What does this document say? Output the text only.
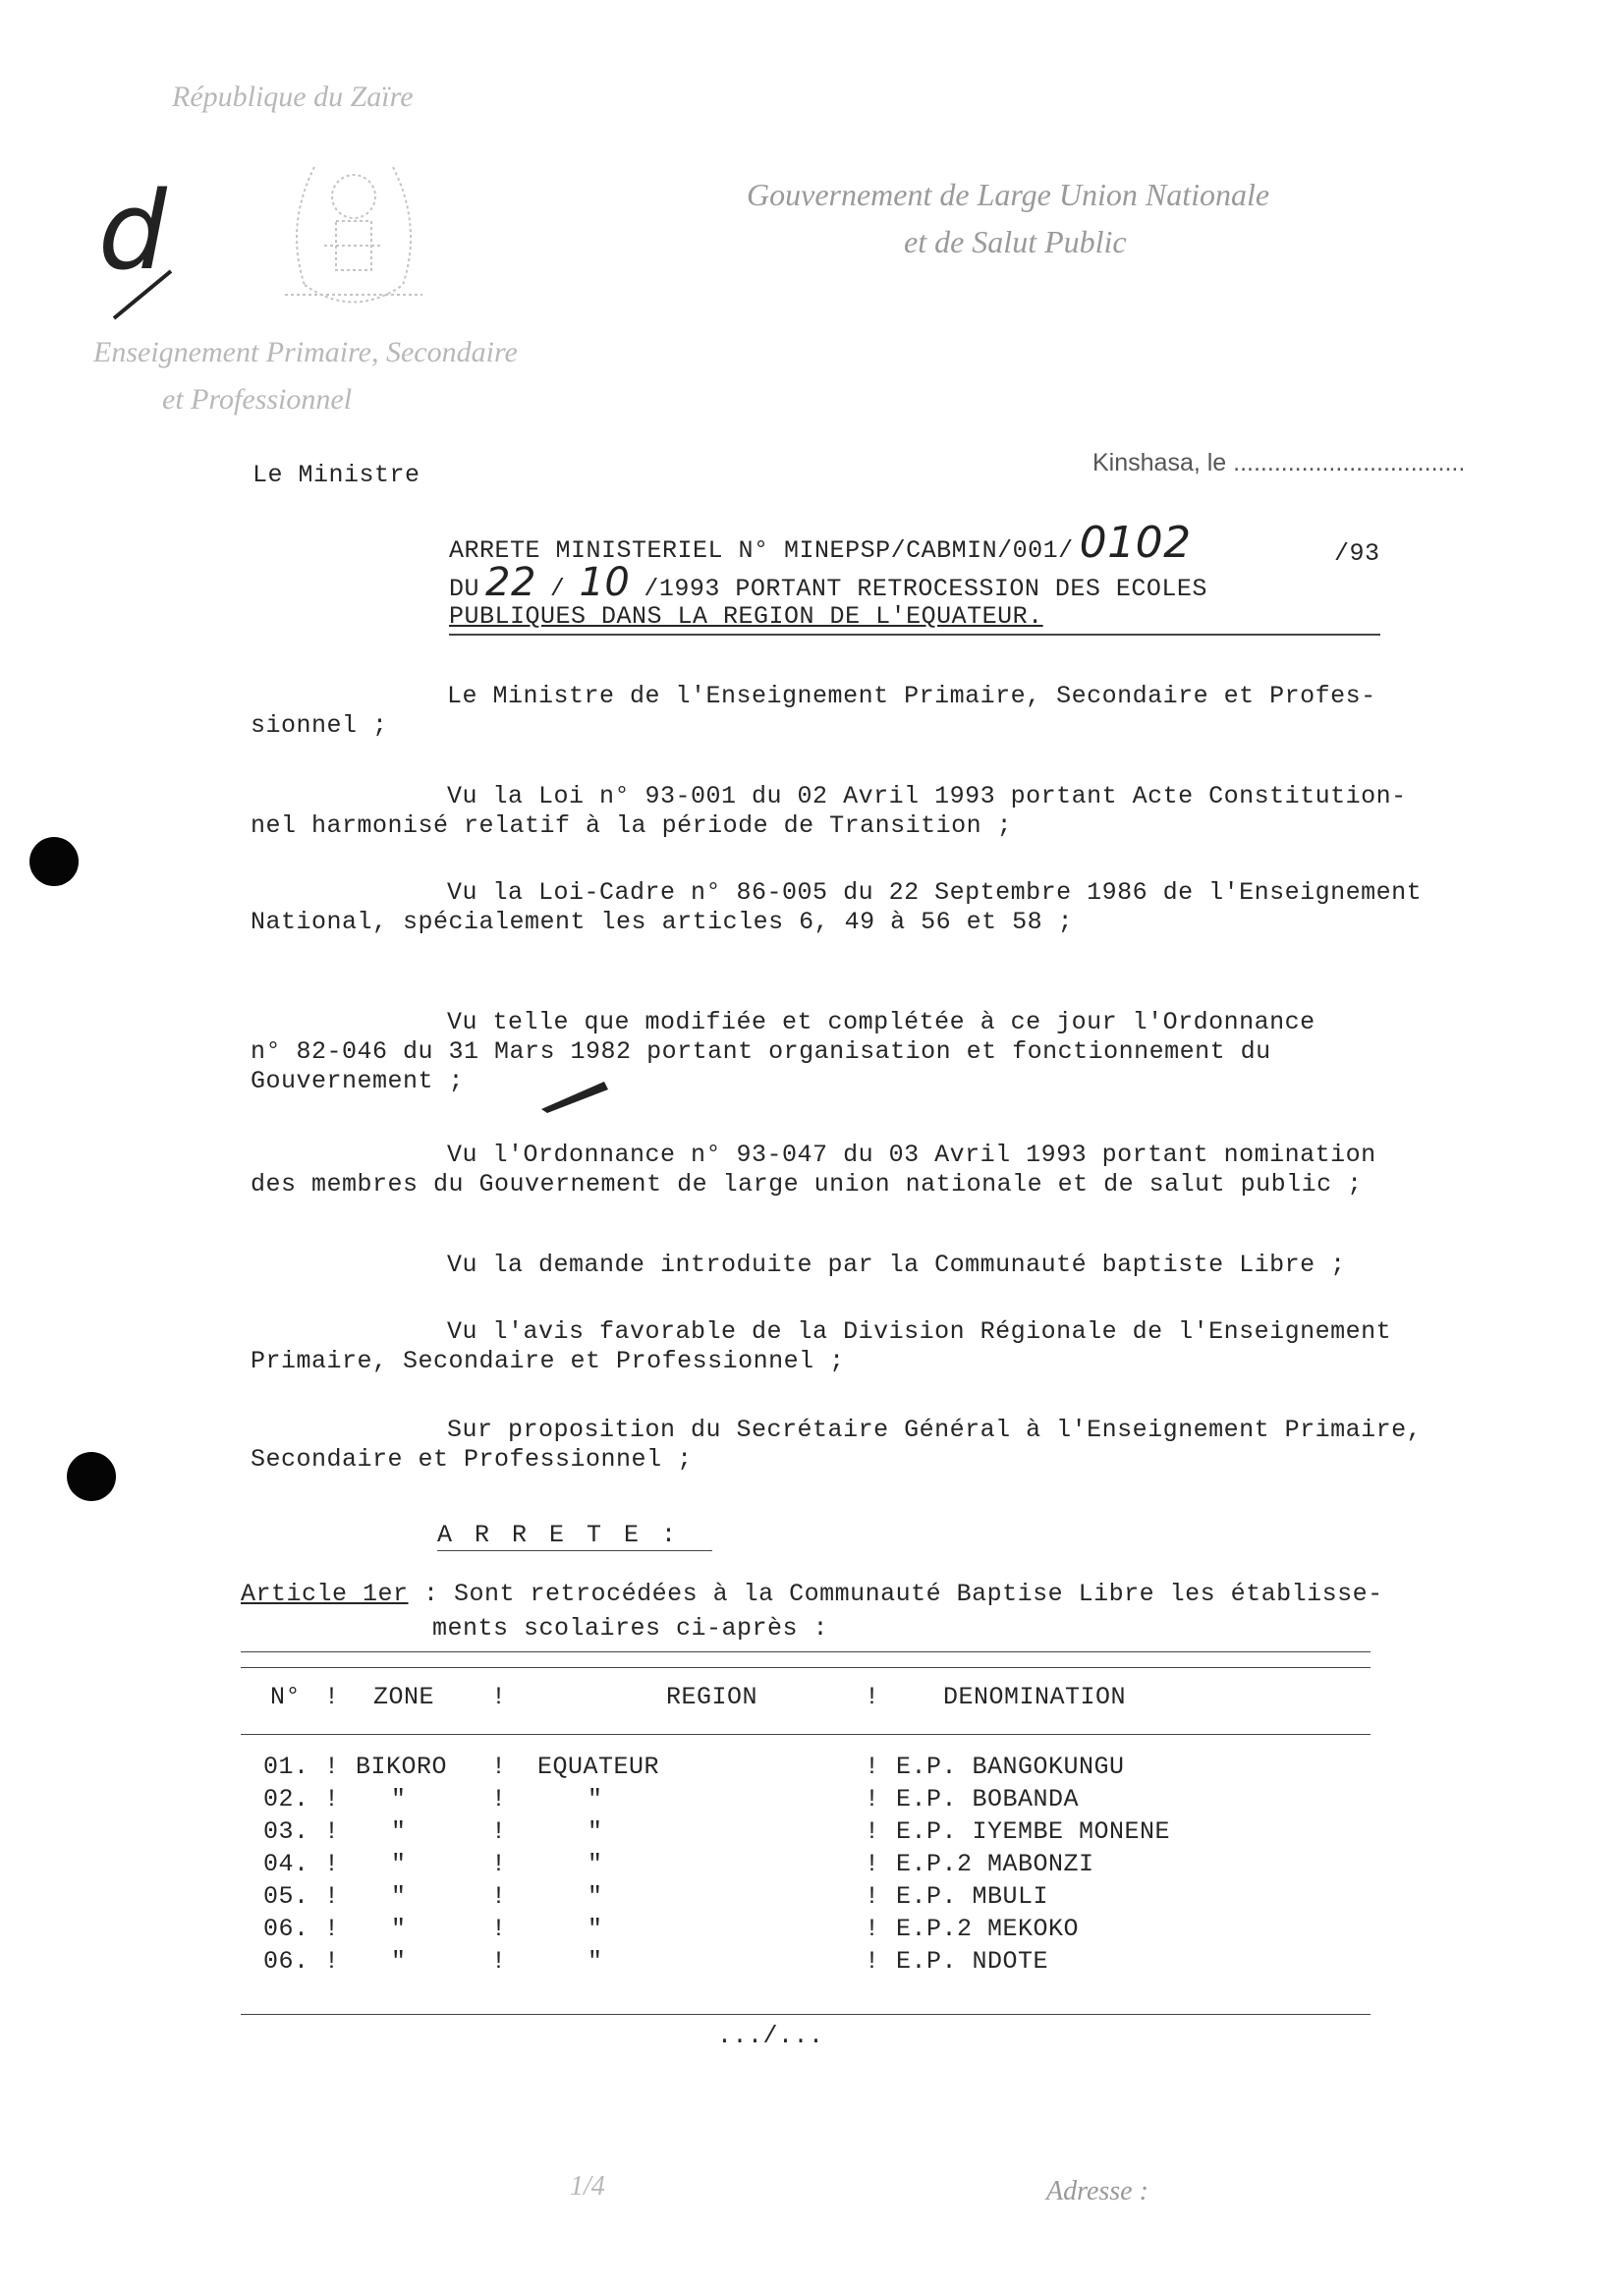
République du Zaïre
Enseignement Primaire, Secondaire
et Professionnel
d	Gouvernement de Large Union Nationale
et de Salut Public
Kinshasa, le ..................................
Le Ministre
ARRETE MINISTERIEL N° MINEPSP/CABMIN/001/ 0102	/93
DU 22 / 10 /1993 PORTANT RETROCESSION DES ECOLES
PUBLIQUES DANS LA REGION DE L'EQUATEUR.
Le Ministre de l'Enseignement Primaire, Secondaire et Profes-
sionnel ;
Vu la Loi n° 93-001 du 02 Avril 1993 portant Acte Constitution-
nel harmonisé relatif à la période de Transition ;
Vu la Loi-Cadre n° 86-005 du 22 Septembre 1986 de l'Enseignement
National, spécialement les articles 6, 49 à 56 et 58 ;
Vu telle que modifiée et complétée à ce jour l'Ordonnance
n° 82-046 du 31 Mars 1982 portant organisation et fonctionnement du
Gouvernement ;
Vu l'Ordonnance n° 93-047 du 03 Avril 1993 portant nomination
des membres du Gouvernement de large union nationale et de salut public ;
Vu la demande introduite par la Communauté baptiste Libre ;
Vu l'avis favorable de la Division Régionale de l'Enseignement
Primaire, Secondaire et Professionnel ;
Sur proposition du Secrétaire Général à l'Enseignement Primaire,
Secondaire et Professionnel ;
A R R E T E :
Article 1er : Sont retrocédées à la Communauté Baptise Libre les établisse-
ments scolaires ci-après :
N° ! ZONE !	REGION	!	DENOMINATION
01. ! BIKORO ! EQUATEUR	! E.P. BANGOKUNGU
02. ! "	!	"	! E.P. BOBANDA
03. ! "	!	"	! E.P. IYEMBE MONENE
04. ! "	!	"	! E.P.2 MABONZI
05. ! "	!	"	! E.P. MBULI
06. ! "	!	"	! E.P.2 MEKOKO
06. ! "	!	"	! E.P. NDOTE
.../...
1/4	Adresse :
